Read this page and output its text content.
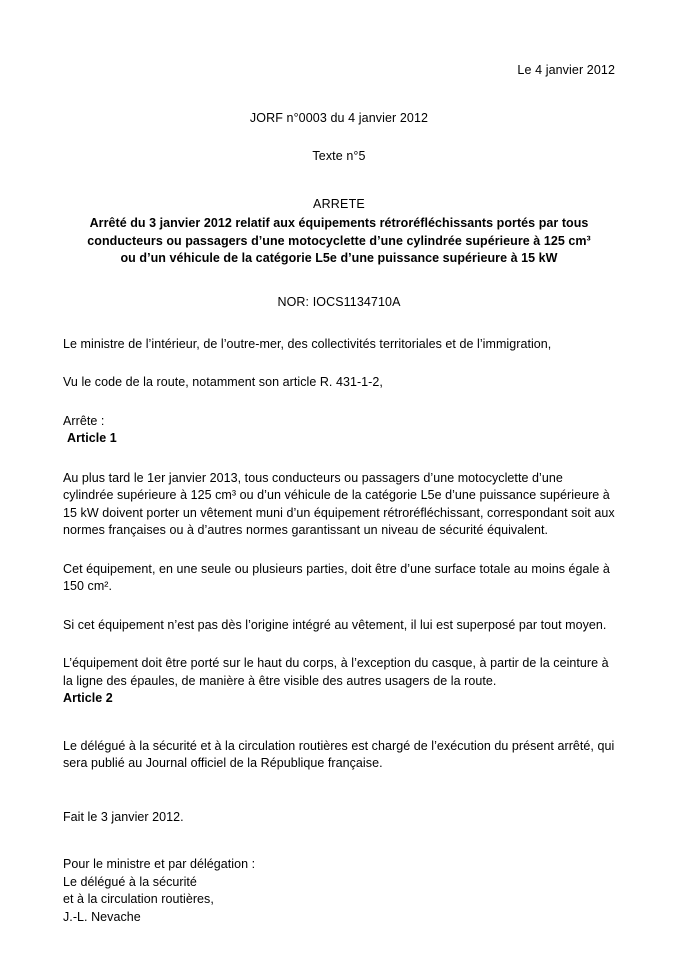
Le 4 janvier 2012
JORF n°0003 du 4 janvier 2012
Texte n°5
ARRETE
Arrêté du 3 janvier 2012 relatif aux équipements rétroréfléchissants portés par tous
conducteurs ou passagers d’une motocyclette d’une cylindrée supérieure à 125 cm³
ou d’un véhicule de la catégorie L5e d’une puissance supérieure à 15 kW
NOR: IOCS1134710A

Le ministre de l’intérieur, de l’outre-mer, des collectivités territoriales et de l’immigration,

Vu le code de la route, notamment son article R. 431-1-2,

Arrête :

Article 1

Au plus tard le 1er janvier 2013, tous conducteurs ou passagers d’une motocyclette d’une cylindrée supérieure à 125 cm³ ou d’un véhicule de la catégorie L5e d’une puissance supérieure à 15 kW doivent porter un vêtement muni d’un équipement rétroréfléchissant, correspondant soit aux normes françaises ou à d’autres normes garantissant un niveau de sécurité équivalent.

Cet équipement, en une seule ou plusieurs parties, doit être d’une surface totale au moins égale à 150 cm².

Si cet équipement n’est pas dès l’origine intégré au vêtement, il lui est superposé par tout moyen.

L’équipement doit être porté sur le haut du corps, à l’exception du casque, à partir de la ceinture à la ligne des épaules, de manière à être visible des autres usagers de la route.

Article 2

Le délégué à la sécurité et à la circulation routières est chargé de l’exécution du présent arrêté, qui sera publié au Journal officiel de la République française.

Fait le 3 janvier 2012.

Pour le ministre et par délégation :
Le délégué à la sécurité
et à la circulation routières,
J.-L. Nevache
